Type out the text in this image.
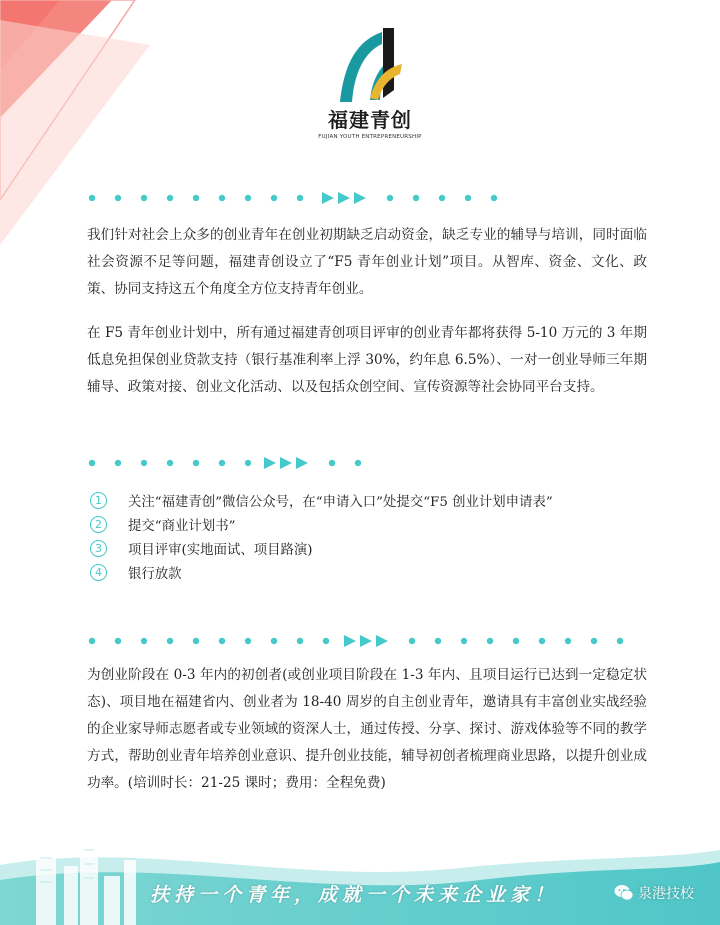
福建青创
FUJIAN YOUTH ENTREPRENEURSHIP

我们针对社会上众多的创业青年在创业初期缺乏启动资金，缺乏专业的辅导与培训，同时面临社会资源不足等问题，福建青创设立了“F5 青年创业计划”项目。从智库、资金、文化、政策、协同支持这五个角度全方位支持青年创业。

在 F5 青年创业计划中，所有通过福建青创项目评审的创业青年都将获得 5-10 万元的 3 年期低息免担保创业贷款支持（银行基准利率上浮 30%，约年息 6.5%）、一对一创业导师三年期辅导、政策对接、创业文化活动、以及包括众创空间、宣传资源等社会协同平台支持。

1	关注“福建青创”微信公众号，在“申请入口”处提交“F5 创业计划申请表”
2	提交“商业计划书”
3	项目评审(实地面试、项目路演)
4	银行放款

为创业阶段在 0-3 年内的初创者(或创业项目阶段在 1-3 年内、且项目运行已达到一定稳定状态)、项目地在福建省内、创业者为 18-40 周岁的自主创业青年，邀请具有丰富创业实战经验的企业家导师志愿者或专业领域的资深人士，通过传授、分享、探讨、游戏体验等不同的教学方式，帮助创业青年培养创业意识、提升创业技能，辅导初创者梳理商业思路，以提升创业成功率。(培训时长：21-25 课时；费用：全程免费)

扶持一个青年，成就一个未来企业家！	泉港技校
